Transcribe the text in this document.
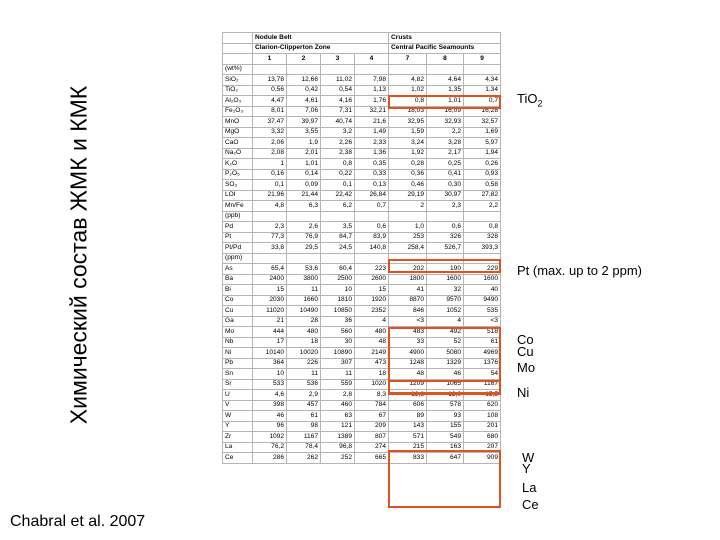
Химический состав ЖМК и КМК
Chabral et al. 2007
	Nodule Belt				Crusts		
	Clarion-Clipperton Zone				Central Pacific Seamounts		
	1	2	3	4	7	8	9
(wt%)							
SiO₂	13,78	12,66	11,02	7,98	4,82	4,64	4,34
TiO₂	0,56	0,42	0,54	1,13	1,02	1,35	1,34
Al₂O₃	4,47	4,61	4,16	1,76	0,8	1,01	0,7
Fe₂O₃	8,01	7,06	7,31	32,21	18,03	16,09	16,28
MnO	37,47	39,97	40,74	21,6	32,95	32,93	32,57
MgO	3,32	3,55	3,2	1,49	1,59	2,2	1,69
CaO	2,06	1,9	2,26	2,33	3,24	3,28	5,97
Na₂O	2,08	2,01	2,38	1,36	1,92	2,17	1,94
K₂O	1	1,01	0,8	0,35	0,28	0,25	0,26
P₂O₅	0,16	0,14	0,22	0,33	0,36	0,41	0,93
SO₃	0,1	0,09	0,1	0,13	0,46	0,30	0,58
LOI	21,96	21,44	22,42	26,84	29,19	30,97	27,82
Mn/Fe	4,8	6,3	6,2	0,7	2	2,3	2,2
(ppb)							
Pd	2,3	2,6	3,5	0,6	1,0	0,6	0,8
Pt	77,3	76,9	84,7	83,9	253	326	328
Pt/Pd	33,8	29,5	24,5	140,8	258,4	526,7	393,3
(ppm)							
As	65,4	53,6	60,4	223	202	190	229
Ba	2400	3800	2500	2600	1800	1600	1600
Bi	15	11	10	15	41	32	40
Co	2030	1660	1810	1920	8870	9570	9490
Cu	11020	10490	10850	2352	846	1052	535
Ga	21	28	36	4	<3	4	<3
Mo	444	480	560	480	483	492	518
Nb	17	18	30	48	33	52	61
Ni	10140	10020	10890	2149	4900	5080	4969
Pb	364	226	307	473	1248	1329	1376
Sn	10	11	11	18	48	46	54
Sr	533	536	559	1020	1209	1065	1167
U	4,6	2,9	2,8	8,3	13,8	12,0	15,5
V	398	457	460	784	606	578	620
W	46	61	63	67	89	93	108
Y	96	98	121	209	143	155	201
Zr	1092	1167	1389	807	571	549	680
La	76,2	78,4	96,8	274	215	163	207
Ce	286	262	252	665	833	647	909
TiO$_2$
Pt (max. up to 2 ppm)
Co
Cu
Mo
Ni
W
Y
La
Ce
